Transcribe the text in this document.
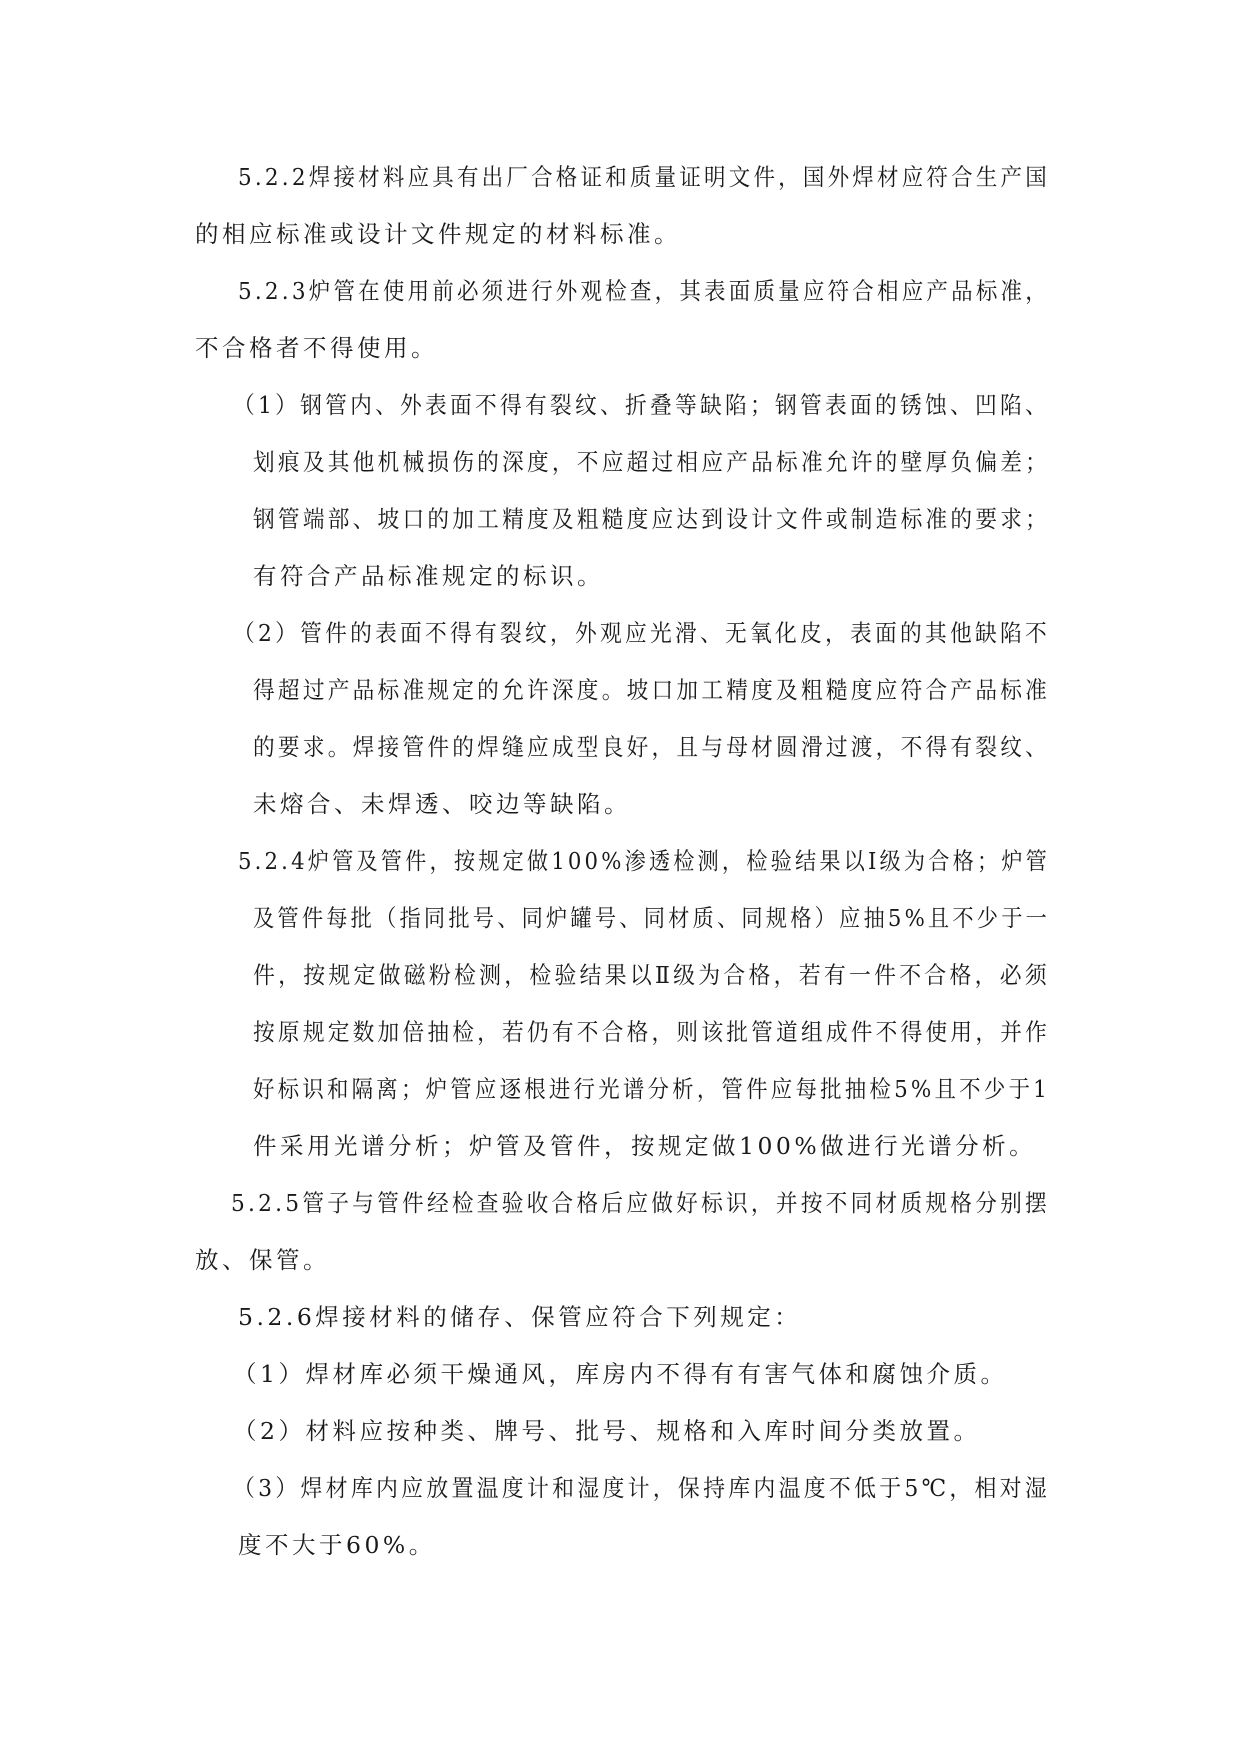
5.2.2焊接材料应具有出厂合格证和质量证明文件，国外焊材应符合生产国
的相应标准或设计文件规定的材料标准。
5.2.3炉管在使用前必须进行外观检查，其表面质量应符合相应产品标准，
不合格者不得使用。
（1）钢管内、外表面不得有裂纹、折叠等缺陷；钢管表面的锈蚀、凹陷、
划痕及其他机械损伤的深度，不应超过相应产品标准允许的壁厚负偏差；
钢管端部、坡口的加工精度及粗糙度应达到设计文件或制造标准的要求；
有符合产品标准规定的标识。
（2）管件的表面不得有裂纹，外观应光滑、无氧化皮，表面的其他缺陷不
得超过产品标准规定的允许深度。坡口加工精度及粗糙度应符合产品标准
的要求。焊接管件的焊缝应成型良好，且与母材圆滑过渡，不得有裂纹、
未熔合、未焊透、咬边等缺陷。
5.2.4炉管及管件，按规定做100%渗透检测，检验结果以Ⅰ级为合格；炉管
及管件每批（指同批号、同炉罐号、同材质、同规格）应抽5%且不少于一
件，按规定做磁粉检测，检验结果以Ⅱ级为合格，若有一件不合格，必须
按原规定数加倍抽检，若仍有不合格，则该批管道组成件不得使用，并作
好标识和隔离；炉管应逐根进行光谱分析，管件应每批抽检5%且不少于1
件采用光谱分析；炉管及管件，按规定做100%做进行光谱分析。
5.2.5管子与管件经检查验收合格后应做好标识，并按不同材质规格分别摆
放、保管。
5.2.6焊接材料的储存、保管应符合下列规定：
（1）焊材库必须干燥通风，库房内不得有有害气体和腐蚀介质。
（2）材料应按种类、牌号、批号、规格和入库时间分类放置。
（3）焊材库内应放置温度计和湿度计，保持库内温度不低于5℃，相对湿
度不大于60%。
